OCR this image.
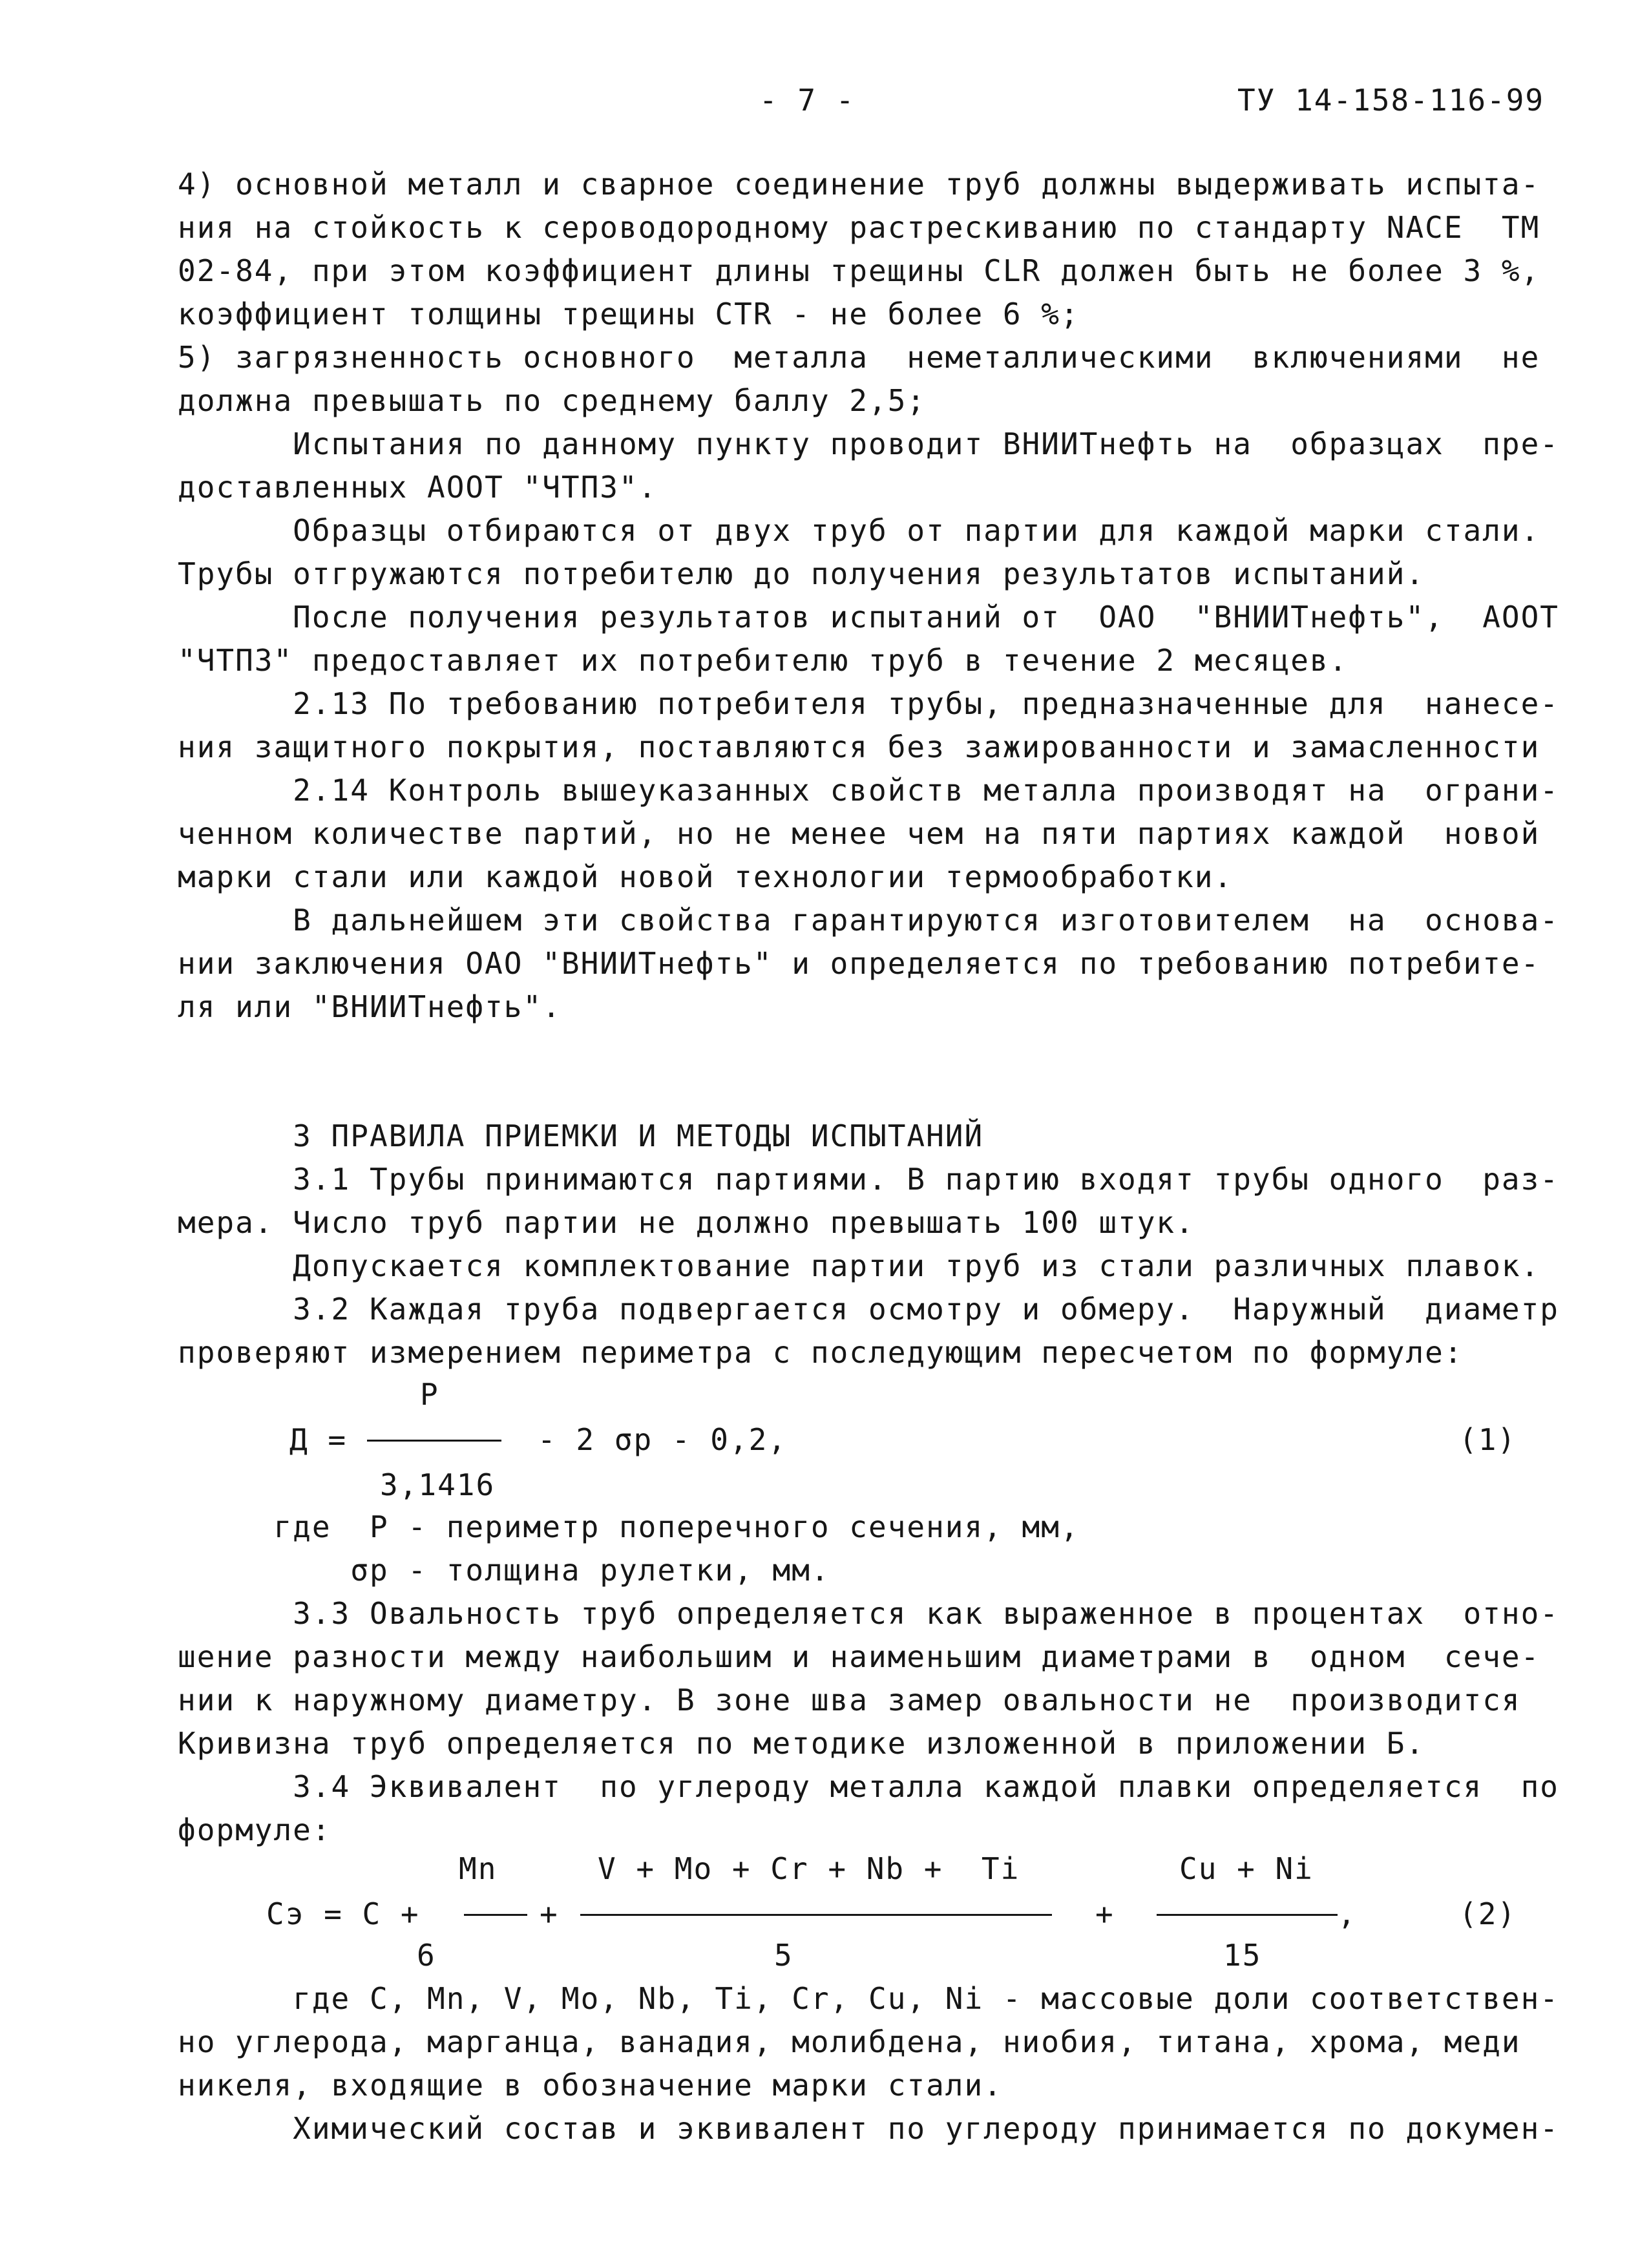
- 7 -	ТУ 14-158-116-99
4) основной металл и сварное соединение труб должны выдерживать испыта-
ния на стойкость к сероводородному растрескиванию по стандарту NACE  TM
02-84, при этом коэффициент длины трещины CLR должен быть не более 3 %,
коэффициент толщины трещины CTR - не более 6 %;
5) загрязненность основного  металла  неметаллическими  включениями  не
должна превышать по среднему баллу 2,5;
Испытания по данному пункту проводит ВНИИТнефть на  образцах  пре-
доставленных АООТ "ЧТПЗ".
Образцы отбираются от двух труб от партии для каждой марки стали.
Трубы отгружаются потребителю до получения результатов испытаний.
После получения результатов испытаний от  ОАО  "ВНИИТнефть",  АООТ
"ЧТПЗ" предоставляет их потребителю труб в течение 2 месяцев.
2.13 По требованию потребителя трубы, предназначенные для  нанесе-
ния защитного покрытия, поставляются без зажированности и замасленности
2.14 Контроль вышеуказанных свойств металла производят на  ограни-
ченном количестве партий, но не менее чем на пяти партиях каждой  новой
марки стали или каждой новой технологии термообработки.
В дальнейшем эти свойства гарантируются изготовителем  на  основа-
нии заключения ОАО "ВНИИТнефть" и определяется по требованию потребите-
ля или "ВНИИТнефть".
3 ПРАВИЛА ПРИЕМКИ И МЕТОДЫ ИСПЫТАНИЙ
3.1 Трубы принимаются партиями. В партию входят трубы одного  раз-
мера. Число труб партии не должно превышать 100 штук.
Допускается комплектование партии труб из стали различных плавок.
3.2 Каждая труба подвергается осмотру и обмеру.  Наружный  диаметр
проверяют измерением периметра с последующим пересчетом по формуле:
P
Д =	- 2 σр - 0,2,	(1)
3,1416
где  P - периметр поперечного сечения, мм,
σр - толщина рулетки, мм.
3.3 Овальность труб определяется как выраженное в процентах  отно-
шение разности между наибольшим и наименьшим диаметрами в  одном  сече-
нии к наружному диаметру. В зоне шва замер овальности не  производится
Кривизна труб определяется по методике изложенной в приложении Б.
3.4 Эквивалент  по углероду металла каждой плавки определяется  по
формуле:
Mn	V + Mo + Cr + Nb +  Ti	Cu + Ni
Сэ = C +	+	+	,	(2)
6	5	15
где C, Mn, V, Mo, Nb, Ti, Cr, Cu, Ni - массовые доли соответствен-
но углерода, марганца, ванадия, молибдена, ниобия, титана, хрома, меди
никеля, входящие в обозначение марки стали.
Химический состав и эквивалент по углероду принимается по докумен-
